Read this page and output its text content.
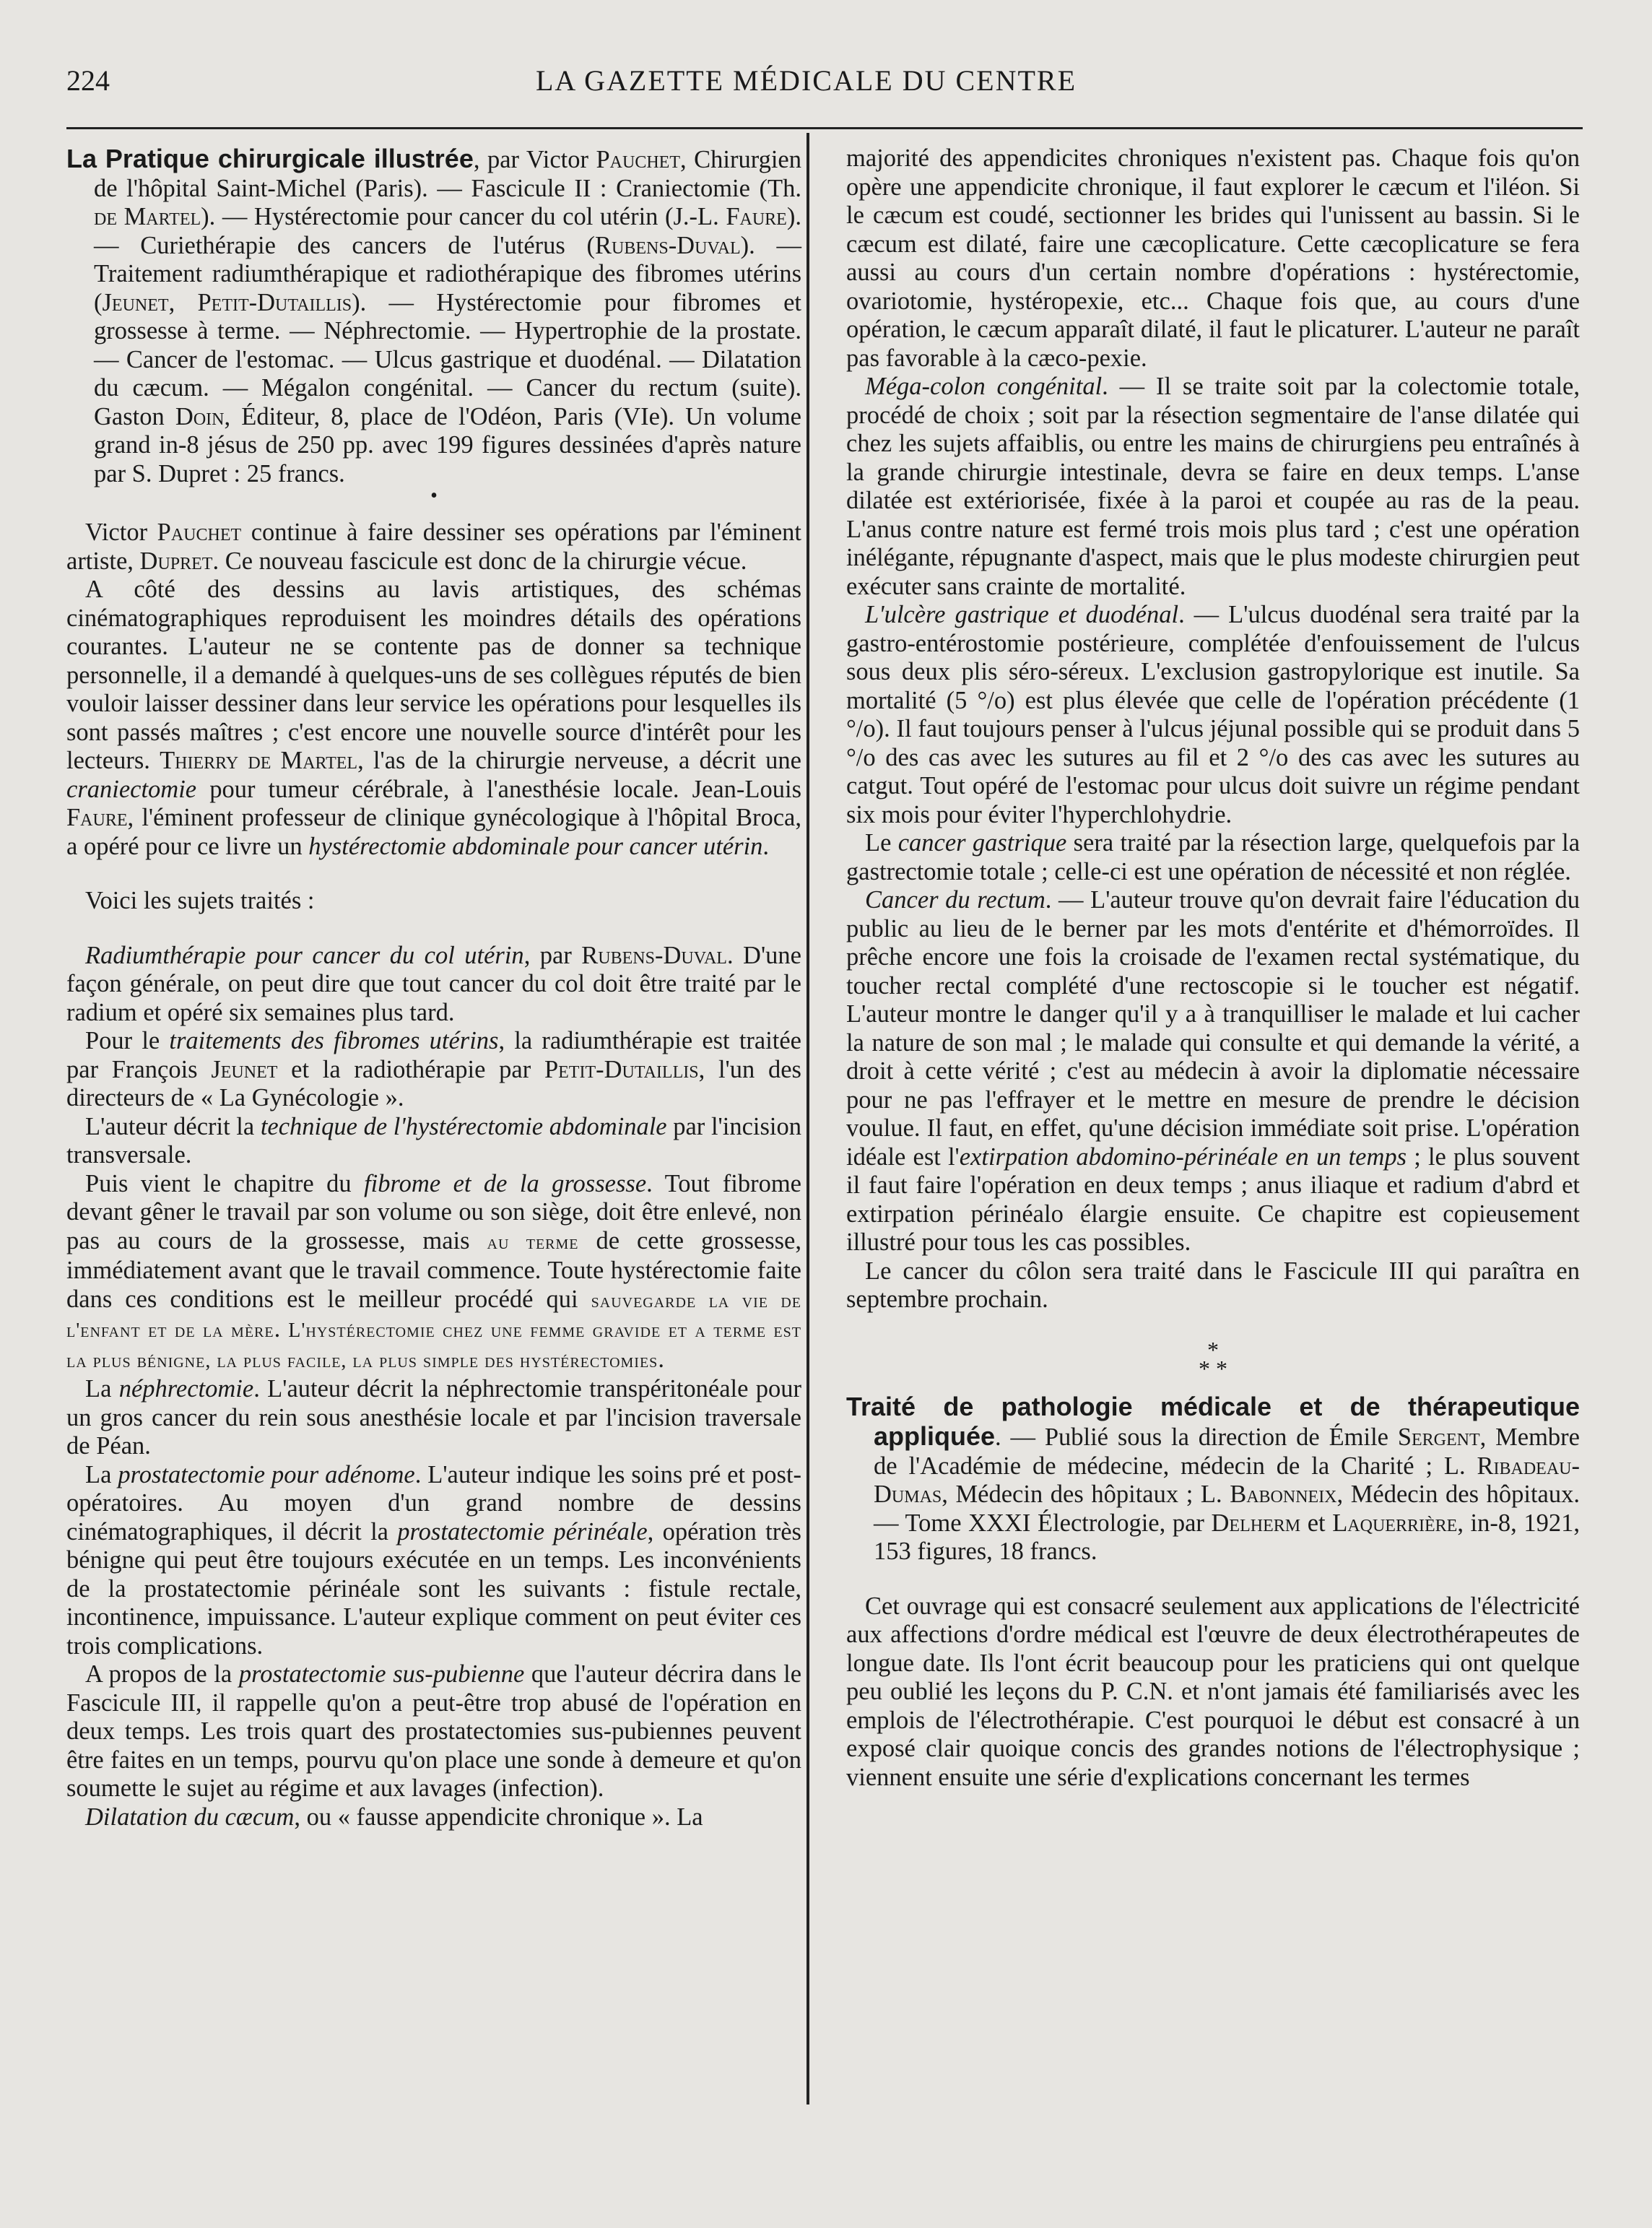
224	LA GAZETTE MÉDICALE DU CENTRE

La Pratique chirurgicale illustrée, par Victor Pauchet, Chirurgien de l'hôpital Saint-Michel (Paris). — Fascicule II : Craniectomie (Th. de Martel). — Hystérectomie pour cancer du col utérin (J.-L. Faure). — Curiethérapie des cancers de l'utérus (Rubens-Duval). — Traitement radiumthérapique et radiothérapique des fibromes utérins (Jeunet, Petit-Dutaillis). — Hystérectomie pour fibromes et grossesse à terme. — Néphrectomie. — Hypertrophie de la prostate. — Cancer de l'estomac. — Ulcus gastrique et duodénal. — Dilatation du cæcum. — Mégalon congénital. — Cancer du rectum (suite). Gaston Doin, Éditeur, 8, place de l'Odéon, Paris (VIe). Un volume grand in-8 jésus de 250 pp. avec 199 figures dessinées d'après nature par S. Dupret : 25 francs.

•

Victor Pauchet continue à faire dessiner ses opérations par l'éminent artiste, Dupret. Ce nouveau fascicule est donc de la chirurgie vécue.

A côté des dessins au lavis artistiques, des schémas cinématographiques reproduisent les moindres détails des opérations courantes. L'auteur ne se contente pas de donner sa technique personnelle, il a demandé à quelques-uns de ses collègues réputés de bien vouloir laisser dessiner dans leur service les opérations pour lesquelles ils sont passés maîtres ; c'est encore une nouvelle source d'intérêt pour les lecteurs. Thierry de Martel, l'as de la chirurgie nerveuse, a décrit une craniectomie pour tumeur cérébrale, à l'anesthésie locale. Jean-Louis Faure, l'éminent professeur de clinique gynécologique à l'hôpital Broca, a opéré pour ce livre un hystérectomie abdominale pour cancer utérin.

Voici les sujets traités :

Radiumthérapie pour cancer du col utérin, par Rubens-Duval. D'une façon générale, on peut dire que tout cancer du col doit être traité par le radium et opéré six semaines plus tard.

Pour le traitements des fibromes utérins, la radiumthérapie est traitée par François Jeunet et la radiothérapie par Petit-Dutaillis, l'un des directeurs de « La Gynécologie ».

L'auteur décrit la technique de l'hystérectomie abdominale par l'incision transversale.

Puis vient le chapitre du fibrome et de la grossesse. Tout fibrome devant gêner le travail par son volume ou son siège, doit être enlevé, non pas au cours de la grossesse, mais au terme de cette grossesse, immédiatement avant que le travail commence. Toute hystérectomie faite dans ces conditions est le meilleur procédé qui sauvegarde la vie de l'enfant et de la mère. L'hystérectomie chez une femme gravide et a terme est la plus bénigne, la plus facile, la plus simple des hystérectomies.

La néphrectomie. L'auteur décrit la néphrectomie transpéritonéale pour un gros cancer du rein sous anesthésie locale et par l'incision traversale de Péan.

La prostatectomie pour adénome. L'auteur indique les soins pré et post-opératoires. Au moyen d'un grand nombre de dessins cinématographiques, il décrit la prostatectomie périnéale, opération très bénigne qui peut être toujours exécutée en un temps. Les inconvénients de la prostatectomie périnéale sont les suivants : fistule rectale, incontinence, impuissance. L'auteur explique comment on peut éviter ces trois complications.

A propos de la prostatectomie sus-pubienne que l'auteur décrira dans le Fascicule III, il rappelle qu'on a peut-être trop abusé de l'opération en deux temps. Les trois quart des prostatectomies sus-pubiennes peuvent être faites en un temps, pourvu qu'on place une sonde à demeure et qu'on soumette le sujet au régime et aux lavages (infection).

Dilatation du cæcum, ou « fausse appendicite chronique ». La

majorité des appendicites chroniques n'existent pas. Chaque fois qu'on opère une appendicite chronique, il faut explorer le cæcum et l'iléon. Si le cæcum est coudé, sectionner les brides qui l'unissent au bassin. Si le cæcum est dilaté, faire une cæcoplicature. Cette cæcoplicature se fera aussi au cours d'un certain nombre d'opérations : hystérectomie, ovariotomie, hystéropexie, etc... Chaque fois que, au cours d'une opération, le cæcum apparaît dilaté, il faut le plicaturer. L'auteur ne paraît pas favorable à la cæco-pexie.

Méga-colon congénital. — Il se traite soit par la colectomie totale, procédé de choix ; soit par la résection segmentaire de l'anse dilatée qui chez les sujets affaiblis, ou entre les mains de chirurgiens peu entraînés à la grande chirurgie intestinale, devra se faire en deux temps. L'anse dilatée est extériorisée, fixée à la paroi et coupée au ras de la peau. L'anus contre nature est fermé trois mois plus tard ; c'est une opération inélégante, répugnante d'aspect, mais que le plus modeste chirurgien peut exécuter sans crainte de mortalité.

L'ulcère gastrique et duodénal. — L'ulcus duodénal sera traité par la gastro-entérostomie postérieure, complétée d'enfouissement de l'ulcus sous deux plis séro-séreux. L'exclusion gastropylorique est inutile. Sa mortalité (5 °/o) est plus élevée que celle de l'opération précédente (1 °/o). Il faut toujours penser à l'ulcus jéjunal possible qui se produit dans 5 °/o des cas avec les sutures au fil et 2 °/o des cas avec les sutures au catgut. Tout opéré de l'estomac pour ulcus doit suivre un régime pendant six mois pour éviter l'hyperchlohydrie.

Le cancer gastrique sera traité par la résection large, quelquefois par la gastrectomie totale ; celle-ci est une opération de nécessité et non réglée.

Cancer du rectum. — L'auteur trouve qu'on devrait faire l'éducation du public au lieu de le berner par les mots d'entérite et d'hémorroïdes. Il prêche encore une fois la croisade de l'examen rectal systématique, du toucher rectal complété d'une rectoscopie si le toucher est négatif. L'auteur montre le danger qu'il y a à tranquilliser le malade et lui cacher la nature de son mal ; le malade qui consulte et qui demande la vérité, a droit à cette vérité ; c'est au médecin à avoir la diplomatie nécessaire pour ne pas l'effrayer et le mettre en mesure de prendre le décision voulue. Il faut, en effet, qu'une décision immédiate soit prise. L'opération idéale est l'extirpation abdomino-périnéale en un temps ; le plus souvent il faut faire l'opération en deux temps ; anus iliaque et radium d'abrd et extirpation périnéalo élargie ensuite. Ce chapitre est copieusement illustré pour tous les cas possibles.

Le cancer du côlon sera traité dans le Fascicule III qui paraîtra en septembre prochain.

*
* *

Traité de pathologie médicale et de thérapeutique appliquée. — Publié sous la direction de Émile Sergent, Membre de l'Académie de médecine, médecin de la Charité ; L. Ribadeau-Dumas, Médecin des hôpitaux ; L. Babonneix, Médecin des hôpitaux. — Tome XXXI Électrologie, par Delherm et Laquerrière, in-8, 1921, 153 figures, 18 francs.

Cet ouvrage qui est consacré seulement aux applications de l'électricité aux affections d'ordre médical est l'œuvre de deux électrothérapeutes de longue date. Ils l'ont écrit beaucoup pour les praticiens qui ont quelque peu oublié les leçons du P. C.N. et n'ont jamais été familiarisés avec les emplois de l'électrothérapie. C'est pourquoi le début est consacré à un exposé clair quoique concis des grandes notions de l'électrophysique ; viennent ensuite une série d'explications concernant les termes
